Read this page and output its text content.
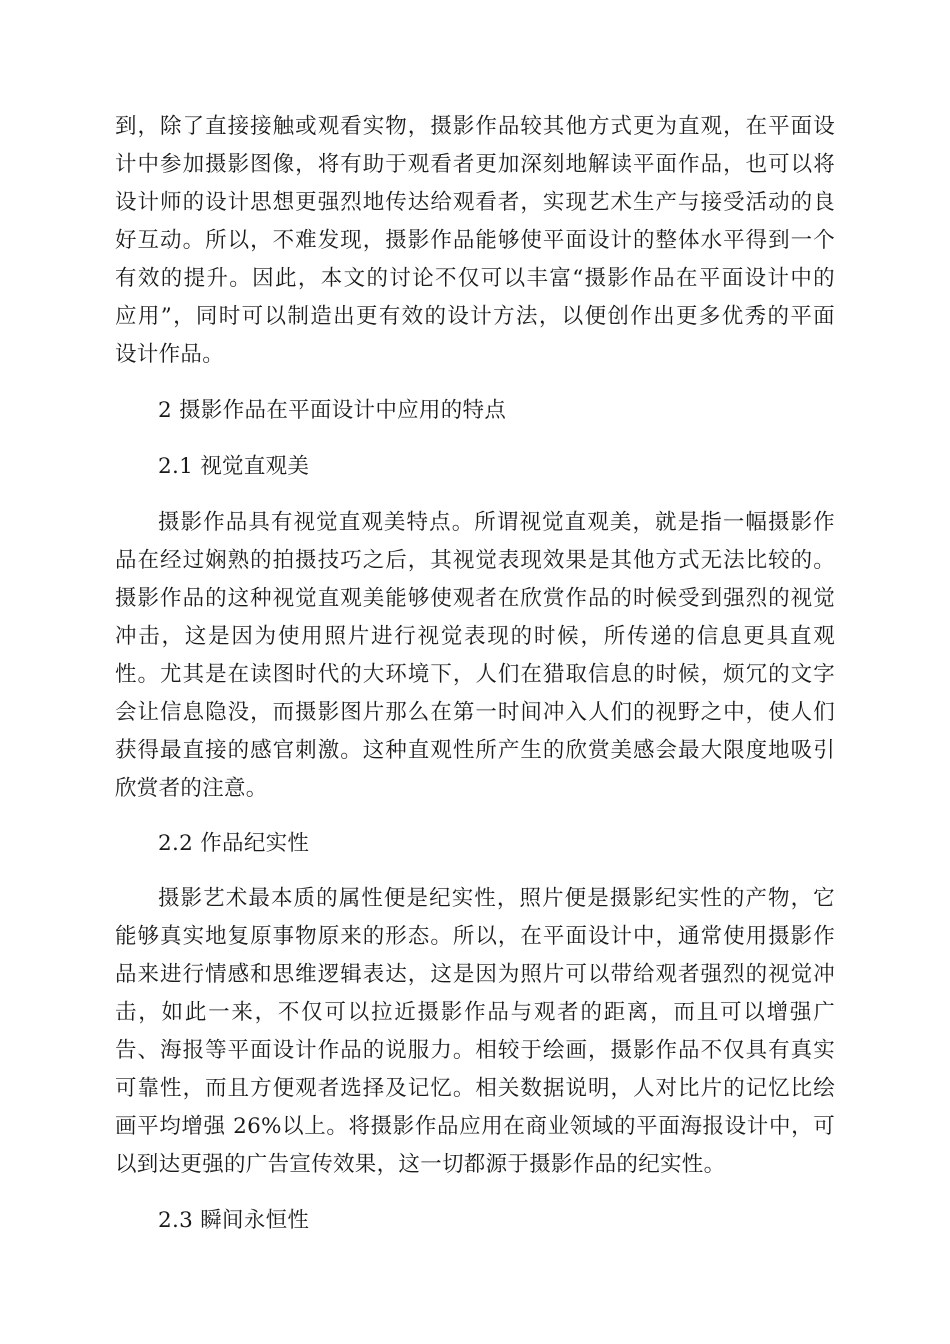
到，除了直接接触或观看实物，摄影作品较其他方式更为直观，在平面设
计中参加摄影图像，将有助于观看者更加深刻地解读平面作品，也可以将
设计师的设计思想更强烈地传达给观看者，实现艺术生产与接受活动的良
好互动。所以，不难发现，摄影作品能够使平面设计的整体水平得到一个
有效的提升。因此，本文的讨论不仅可以丰富“摄影作品在平面设计中的
应用”，同时可以制造出更有效的设计方法，以便创作出更多优秀的平面
设计作品。
2 摄影作品在平面设计中应用的特点
2.1 视觉直观美
摄影作品具有视觉直观美特点。所谓视觉直观美，就是指一幅摄影作
品在经过娴熟的拍摄技巧之后，其视觉表现效果是其他方式无法比较的。
摄影作品的这种视觉直观美能够使观者在欣赏作品的时候受到强烈的视觉
冲击，这是因为使用照片进行视觉表现的时候，所传递的信息更具直观
性。尤其是在读图时代的大环境下，人们在猎取信息的时候，烦冗的文字
会让信息隐没，而摄影图片那么在第一时间冲入人们的视野之中，使人们
获得最直接的感官刺激。这种直观性所产生的欣赏美感会最大限度地吸引
欣赏者的注意。
2.2 作品纪实性
摄影艺术最本质的属性便是纪实性，照片便是摄影纪实性的产物，它
能够真实地复原事物原来的形态。所以，在平面设计中，通常使用摄影作
品来进行情感和思维逻辑表达，这是因为照片可以带给观者强烈的视觉冲
击，如此一来，不仅可以拉近摄影作品与观者的距离，而且可以增强广
告、海报等平面设计作品的说服力。相较于绘画，摄影作品不仅具有真实
可靠性，而且方便观者选择及记忆。相关数据说明，人对比片的记忆比绘
画平均增强 26%以上。将摄影作品应用在商业领域的平面海报设计中，可
以到达更强的广告宣传效果，这一切都源于摄影作品的纪实性。
2.3 瞬间永恒性
